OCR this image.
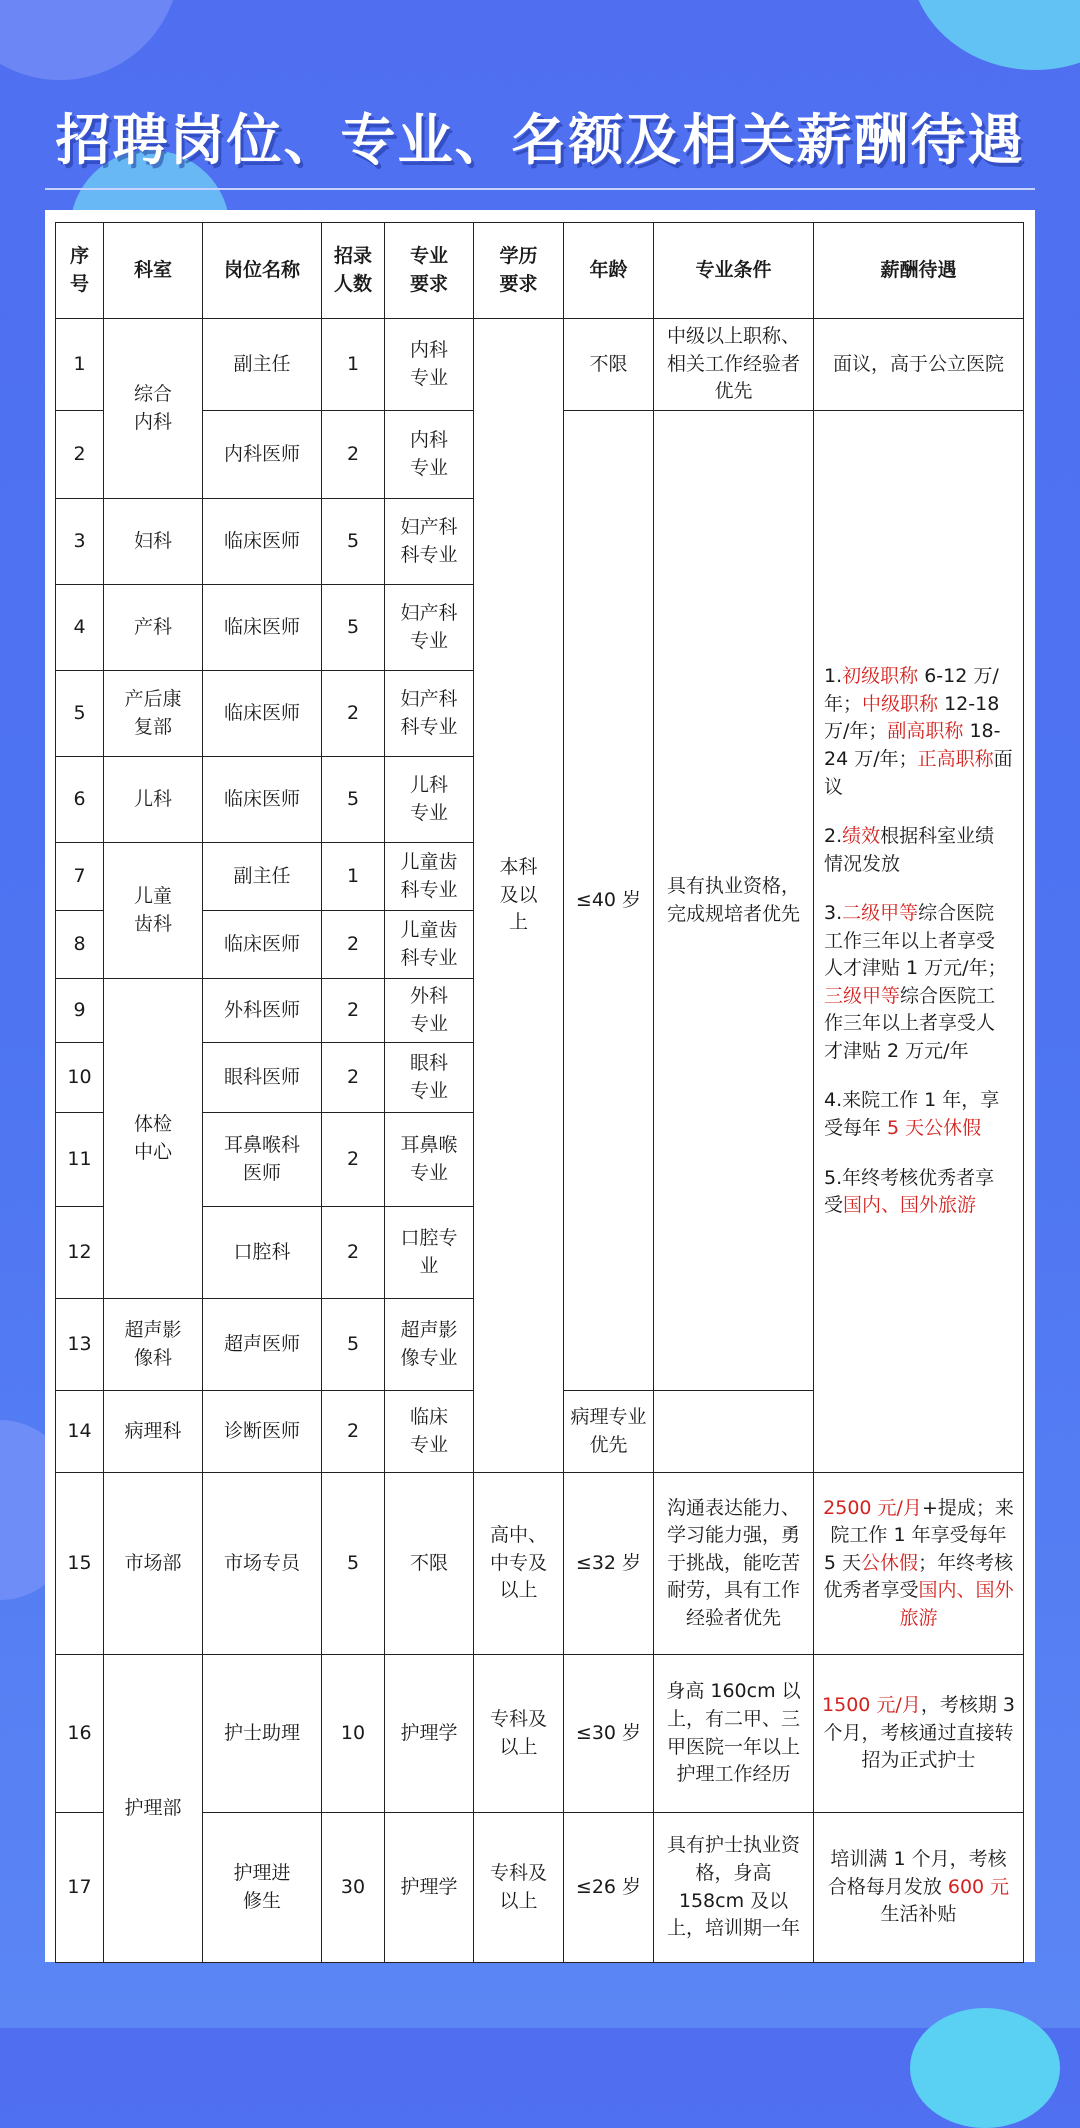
招聘岗位、专业、名额及相关薪酬待遇
序号	科室	岗位名称	招录人数	专业要求	学历要求	年龄	专业条件	薪酬待遇
1	综合内科	副主任	1	内科专业	本科及以上	不限	中级以上职称、相关工作经验者优先	面议，高于公立医院
2		内科医师	2	内科专业		≤40 岁	具有执业资格，完成规培者优先	1.初级职称 6-12 万/年；中级职称 12-18 万/年；副高职称 18-24 万/年；正高职称面议

2.绩效根据科室业绩情况发放

3.二级甲等综合医院工作三年以上者享受人才津贴 1 万元/年；三级甲等综合医院工作三年以上者享受人才津贴 2 万元/年

4.来院工作 1 年，享受每年 5 天公休假

5.年终考核优秀者享受国内、国外旅游

3	妇科	临床医师	5	妇产科科专业				
4	产科	临床医师	5	妇产科专业				
5	产后康复部	临床医师	2	妇产科科专业				
6	儿科	临床医师	5	儿科专业				
7	儿童齿科	副主任	1	儿童齿科专业				
8		临床医师	2	儿童齿科专业				
9	体检中心	外科医师	2	外科专业				
10		眼科医师	2	眼科专业				
11		耳鼻喉科医师	2	耳鼻喉专业				
12		口腔科	2	口腔专业				
13	超声影像科	超声医师	5	超声影像专业				
14	病理科	诊断医师	2	临床专业		病理专业优先		
15	市场部	市场专员	5	不限	高中、中专及以上	≤32 岁	沟通表达能力、学习能力强，勇于挑战，能吃苦耐劳，具有工作经验者优先	2500 元/月+提成；来院工作 1 年享受每年 5 天公休假；年终考核优秀者享受国内、国外旅游
16	护理部	护士助理	10	护理学	专科及以上	≤30 岁	身高 160cm 以上，有二甲、三甲医院一年以上护理工作经历	1500 元/月，考核期 3 个月，考核通过直接转招为正式护士
17		护理进修生	30	护理学	专科及以上	≤26 岁	具有护士执业资格，身高 158cm 及以上，培训期一年	培训满 1 个月，考核合格每月发放 600 元生活补贴
